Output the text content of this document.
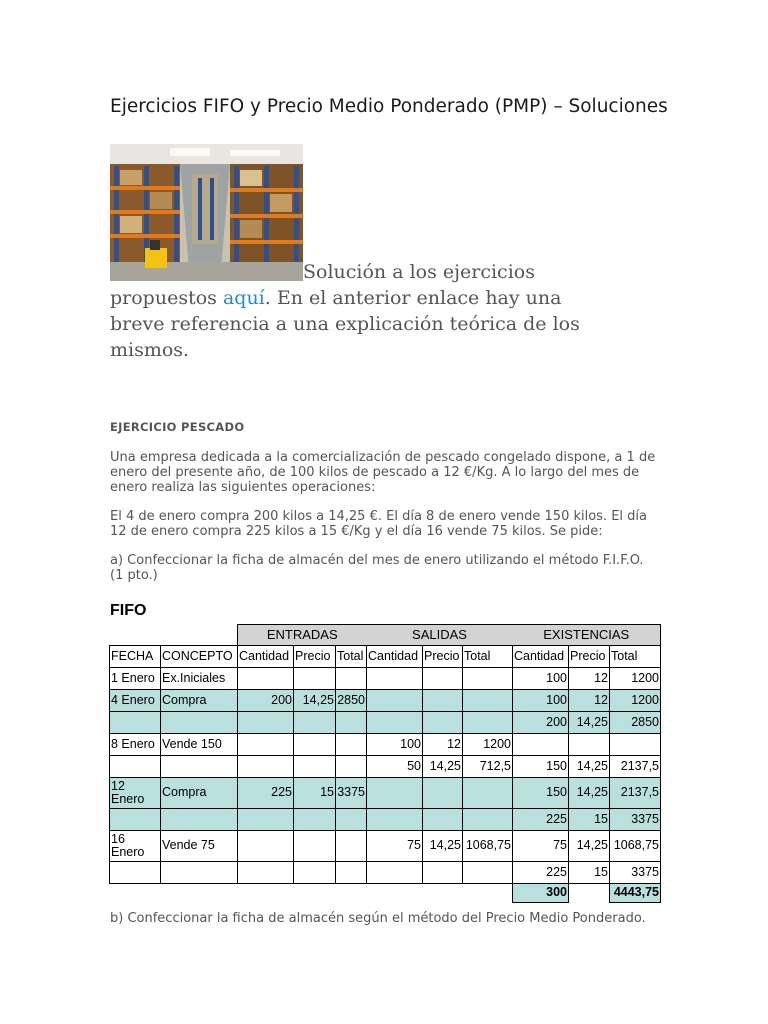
Ejercicios FIFO y Precio Medio Ponderado (PMP) – Soluciones
Solución a los ejercicios propuestos aquí. En el anterior enlace hay una breve referencia a una explicación teórica de los mismos.

EJERCICIO PESCADO

Una empresa dedicada a la comercialización de pescado congelado dispone, a 1 de enero del presente año, de 100 kilos de pescado a 12 €/Kg. A lo largo del mes de enero realiza las siguientes operaciones:

El 4 de enero compra 200 kilos a 14,25 €. El día 8 de enero vende 150 kilos. El día 12 de enero compra 225 kilos a 15 €/Kg y el día 16 vende 75 kilos. Se pide:

a) Confeccionar la ficha de almacén del mes de enero utilizando el método F.I.F.O. (1 pto.)

FIFO

		ENTRADAS			SALIDAS			EXISTENCIAS		
FECHA	CONCEPTO	Cantidad	Precio	Total	Cantidad	Precio	Total	Cantidad	Precio	Total
1 Enero	Ex.Iniciales							100	12	1200
4 Enero	Compra	200	14,25	2850				100	12	1200
								200	14,25	2850
8 Enero	Vende 150				100	12	1200			
					50	14,25	712,5	150	14,25	2137,5
12 Enero	Compra	225	15	3375				150	14,25	2137,5
								225	15	3375
16 Enero	Vende 75				75	14,25	1068,75	75	14,25	1068,75
								225	15	3375
								300		4443,75

b) Confeccionar la ficha de almacén según el método del Precio Medio Ponderado.
